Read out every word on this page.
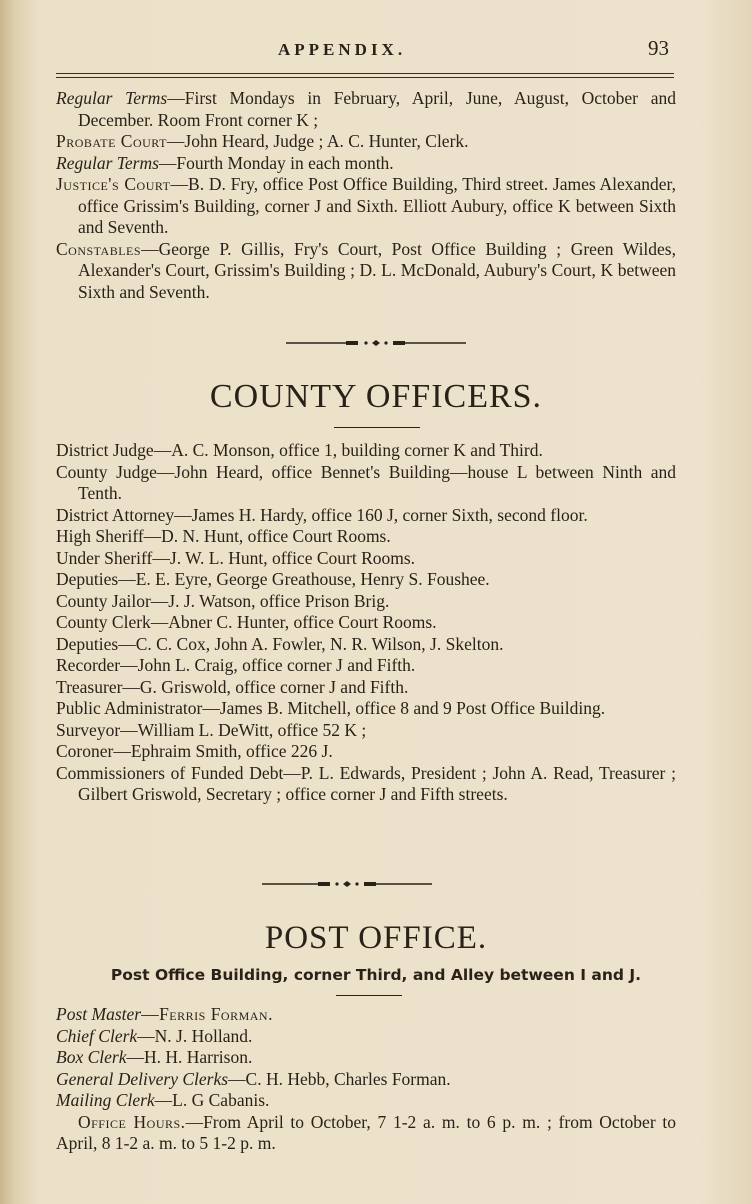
APPENDIX.	93

Regular Terms—First Mondays in February, April, June, August, October and December. Room Front corner K ;

Probate Court—John Heard, Judge ; A. C. Hunter, Clerk.

Regular Terms—Fourth Monday in each month.

Justice's Court—B. D. Fry, office Post Office Building, Third street. James Alexander, office Grissim's Building, corner J and Sixth. Elliott Aubury, office K between Sixth and Seventh.

Constables—George P. Gillis, Fry's Court, Post Office Building ; Green Wildes, Alexander's Court, Grissim's Building ; D. L. McDonald, Aubury's Court, K between Sixth and Seventh.

COUNTY OFFICERS.

District Judge—A. C. Monson, office 1, building corner K and Third.

County Judge—John Heard, office Bennet's Building—house L between Ninth and Tenth.

District Attorney—James H. Hardy, office 160 J, corner Sixth, second floor.

High Sheriff—D. N. Hunt, office Court Rooms.

Under Sheriff—J. W. L. Hunt, office Court Rooms.

Deputies—E. E. Eyre, George Greathouse, Henry S. Foushee.

County Jailor—J. J. Watson, office Prison Brig.

County Clerk—Abner C. Hunter, office Court Rooms.

Deputies—C. C. Cox, John A. Fowler, N. R. Wilson, J. Skelton.

Recorder—John L. Craig, office corner J and Fifth.

Treasurer—G. Griswold, office corner J and Fifth.

Public Administrator—James B. Mitchell, office 8 and 9 Post Office Building.

Surveyor—William L. DeWitt, office 52 K ;

Coroner—Ephraim Smith, office 226 J.

Commissioners of Funded Debt—P. L. Edwards, President ; John A. Read, Treasurer ; Gilbert Griswold, Secretary ; office corner J and Fifth streets.

POST OFFICE.

Post Office Building, corner Third, and Alley between I and J.

Post Master—Ferris Forman.

Chief Clerk—N. J. Holland.

Box Clerk—H. H. Harrison.

General Delivery Clerks—C. H. Hebb, Charles Forman.

Mailing Clerk—L. G Cabanis.

Office Hours.—From April to October, 7 1-2 a. m. to 6 p. m. ; from October to April, 8 1-2 a. m. to 5 1-2 p. m.
